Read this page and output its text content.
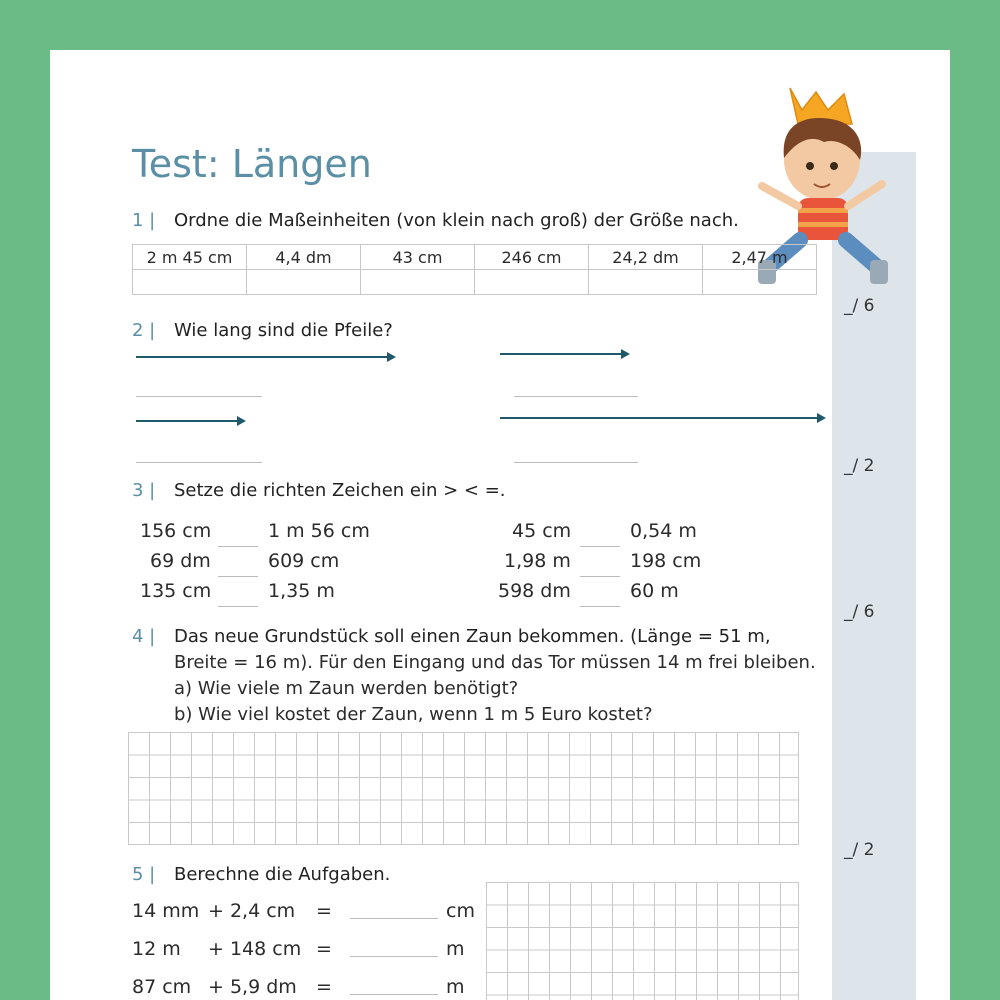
Test: Längen
_/ 6
_/ 2
_/ 6
_/ 2
1 | Ordne die Maßeinheiten (von klein nach groß) der Größe nach.
2 m 45 cm	4,4 dm	43 cm	246 cm	24,2 dm	2,47 m

2 | Wie lang sind die Pfeile?
3 | Setze die richten Zeichen ein > < =.
156 cm	1 m 56 cm
69 dm	609 cm
135 cm	1,35 m
45 cm	0,54 m
1,98 m	198 cm
598 dm	60 m
4 | Das neue Grundstück soll einen Zaun bekommen. (Länge = 51 m,
Breite = 16 m). Für den Eingang und das Tor müssen 14 m frei bleiben.
a) Wie viele m Zaun werden benötigt?
b) Wie viel kostet der Zaun, wenn 1 m 5 Euro kostet?
5 | Berechne die Aufgaben.
14 mm + 2,4 cm =	cm
12 m + 148 cm =	m
87 cm + 5,9 dm =	m
